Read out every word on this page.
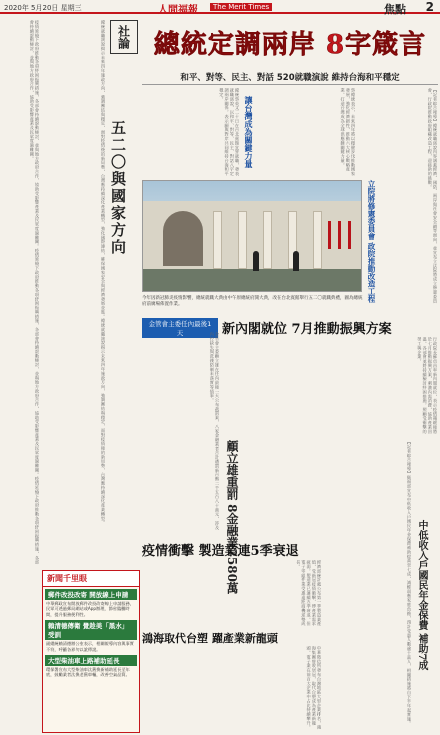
2020年 5月20日 星期三	人間福報	The Merit Times	焦點 2
疫情延燒下政府推動各項紓困振興措施，各部會持續滾動檢討，並與地方政府合作，協助受影響產業及民眾度過難關。疫情延燒下政府推動各項紓困振興措施，各部會持續滾動檢討，並與地方政府合作，協助受影響產業及民眾度過難關。疫情延燒下政府推動各項紓困振興措施，各部會持續滾動檢討，並與地方政府合作，協助受影響產業及民眾度過難關。	總統就職演說揭示未來四年施政方向，強調團結與穩定，面對疫情後的新局勢，台灣應持續深化產業轉型，強化國際連結，確保國家安全與經濟發展並進。總統就職演說揭示未來四年施政方向，強調團結與穩定，面對疫情後的新局勢，台灣應持續深化產業轉型。 社論
五二〇與國家方向
總統定調兩岸 8字箴言
和平、對等、民主、對話 520就職演說 維持台海和平穩定
總統蔡英文二十日在台北賓館宣誓就職，發表就職演說，以和平、對等、民主、對話八字定調兩岸關係，表示願與對岸共同維持台海和平穩定。
讓台灣成為關鍵力量	蔡總統表示，未來四年將以穩健步伐推動國家發展，強化經濟韌性，推動六大核心戰略產業，打造台灣成為全球供應鏈關鍵力量。	【記者綜合報導】總統就職演說內容涵蓋經濟、國防、兩岸與社會安全網等面向，並宣布立法院將成立修憲委員會，行政院推動政府組織改造工程，迎接新的挑戰。
立院將修憲委員會 政院推動改造工程
今年因新冠肺炎疫情影響，總統就職大典由中午原總統府開大典，改在台北賓館舉行五二〇就職典禮，圖為總統府前廣場佈置作業。
新內閣就位 7月推動振興方案
行政院長蘇貞昌率新內閣就位，表示疫情趨緩後將於七月推動振興方案，刺激內需消費，協助產業回溫，各部會並將持續檢討紓困措施，照顧受衝擊的勞工與企業。
金管會主委任內最後1天
顧立雄重罰 8金融業2580萬
金管會主委顧立雄在任內最後一天公布裁罰案，八家金融業者合計遭罰新台幣二千五百八十萬元，涉及內控缺失與洗錢防制未落實等情事。
疫情衝擊 製造業連5季衰退
經濟部統計處公布第一季製造業產值，受新冠疫情衝擊，傳產業需求疲弱，製造業已連續五季衰退，但電子零組件業受惠遠距商機逆勢成長。
鴻海取代台塑 躍產業新龍頭
中華徵信所發布台灣地區大型企業排名，鴻海集團營收居冠，取代台塑成為產業新龍頭，電子業在前百大企業中占比持續攀升。
中低收入戶國民年金保費 補助7成
【記者綜合報導】衛福部宣布中低收入戶國民年金保費補助提高至七成，減輕弱勢家庭負擔，預計受惠人數逾十萬人，相關措施將自下半年起實施。
新聞千里眼
郵件改投改寄 開放線上申請
中華郵政宣布開放郵件改投改寄線上申請服務，民眾可透過郵局網站或App辦理，節省臨櫃時間，提升服務便利性。
賴清德傳衛 覺趁美「黑水」受訓
副總統賴清德辦公室表示，相關報導內容與事實不符，呼籲各界勿以訛傳訛。
大型柴油車上路補助延長
環保署宣布大型柴油車汰舊換新補助延長至年底，鼓勵業者汰換老舊車輛，改善空氣品質。
